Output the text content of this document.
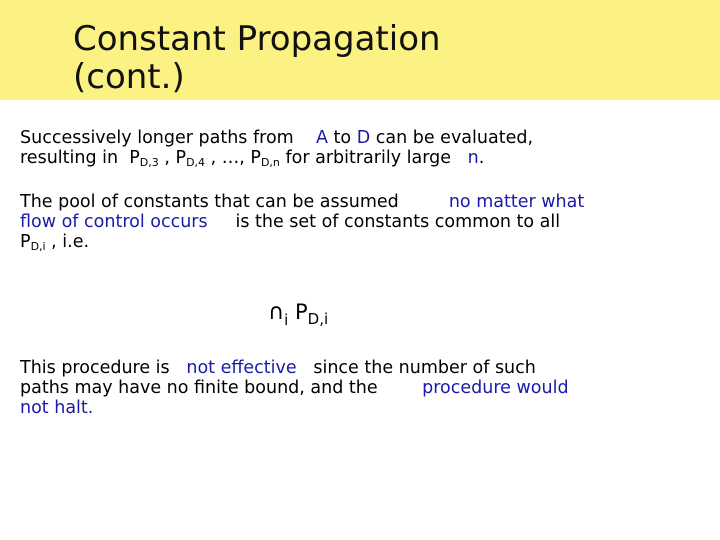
Constant Propagation
(cont.)
Successively longer paths from A to D can be evaluated,
resulting in $P_{D,3}$ , $P_{D,4}$ , …, $P_{D,n}$ for arbitrarily large n.
The pool of constants that can be assumed	no matter what
flow of control occurs is the set of constants common to all
$P_{D,i}$ , i.e.
$\cap_i$ $P_{D,i}$
This procedure is not effective since the number of such
paths may have no finite bound, and the	procedure would
not halt.
